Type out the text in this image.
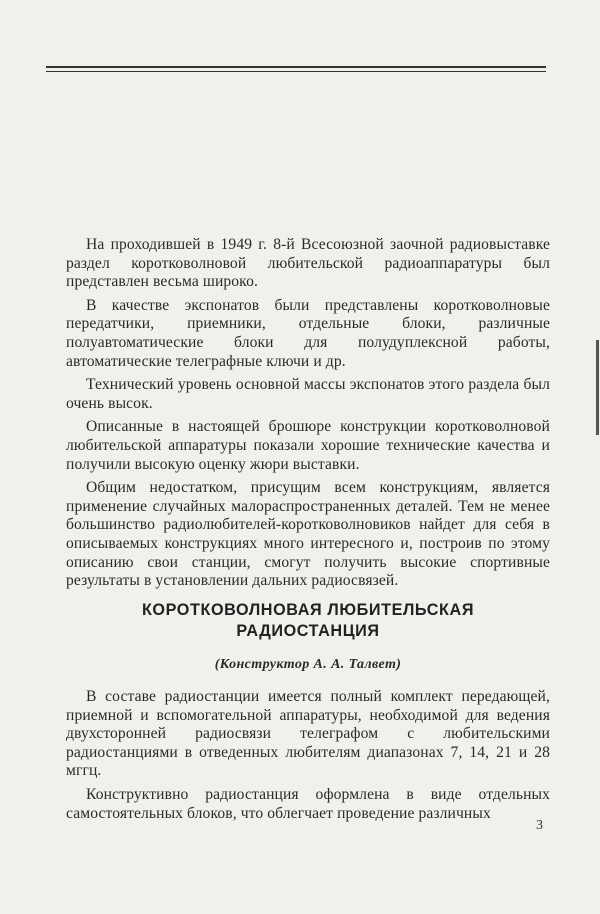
На проходившей в 1949 г. 8-й Всесоюзной заочной радиовыставке раздел коротковолновой любительской радиоаппаратуры был представлен весьма широко.

В качестве экспонатов были представлены коротковолновые передатчики, приемники, отдельные блоки, различные полуавтоматические блоки для полудуплексной работы, автоматические телеграфные ключи и др.

Технический уровень основной массы экспонатов этого раздела был очень высок.

Описанные в настоящей брошюре конструкции коротковолновой любительской аппаратуры показали хорошие технические качества и получили высокую оценку жюри выставки.

Общим недостатком, присущим всем конструкциям, является применение случайных малораспространенных деталей. Тем не менее большинство радиолюбителей-коротковолновиков найдет для себя в описываемых конструкциях много интересного и, построив по этому описанию свои станции, смогут получить высокие спортивные результаты в установлении дальних радиосвязей.

КОРОТКОВОЛНОВАЯ ЛЮБИТЕЛЬСКАЯ
РАДИОСТАНЦИЯ
(Конструктор А. А. Талвет)

В составе радиостанции имеется полный комплект передающей, приемной и вспомогательной аппаратуры, необходимой для ведения двухсторонней радиосвязи телеграфом с любительскими радиостанциями в отведенных любителям диапазонах 7, 14, 21 и 28 мггц.

Конструктивно радиостанция оформлена в виде отдельных самостоятельных блоков, что облегчает проведение различных

3
